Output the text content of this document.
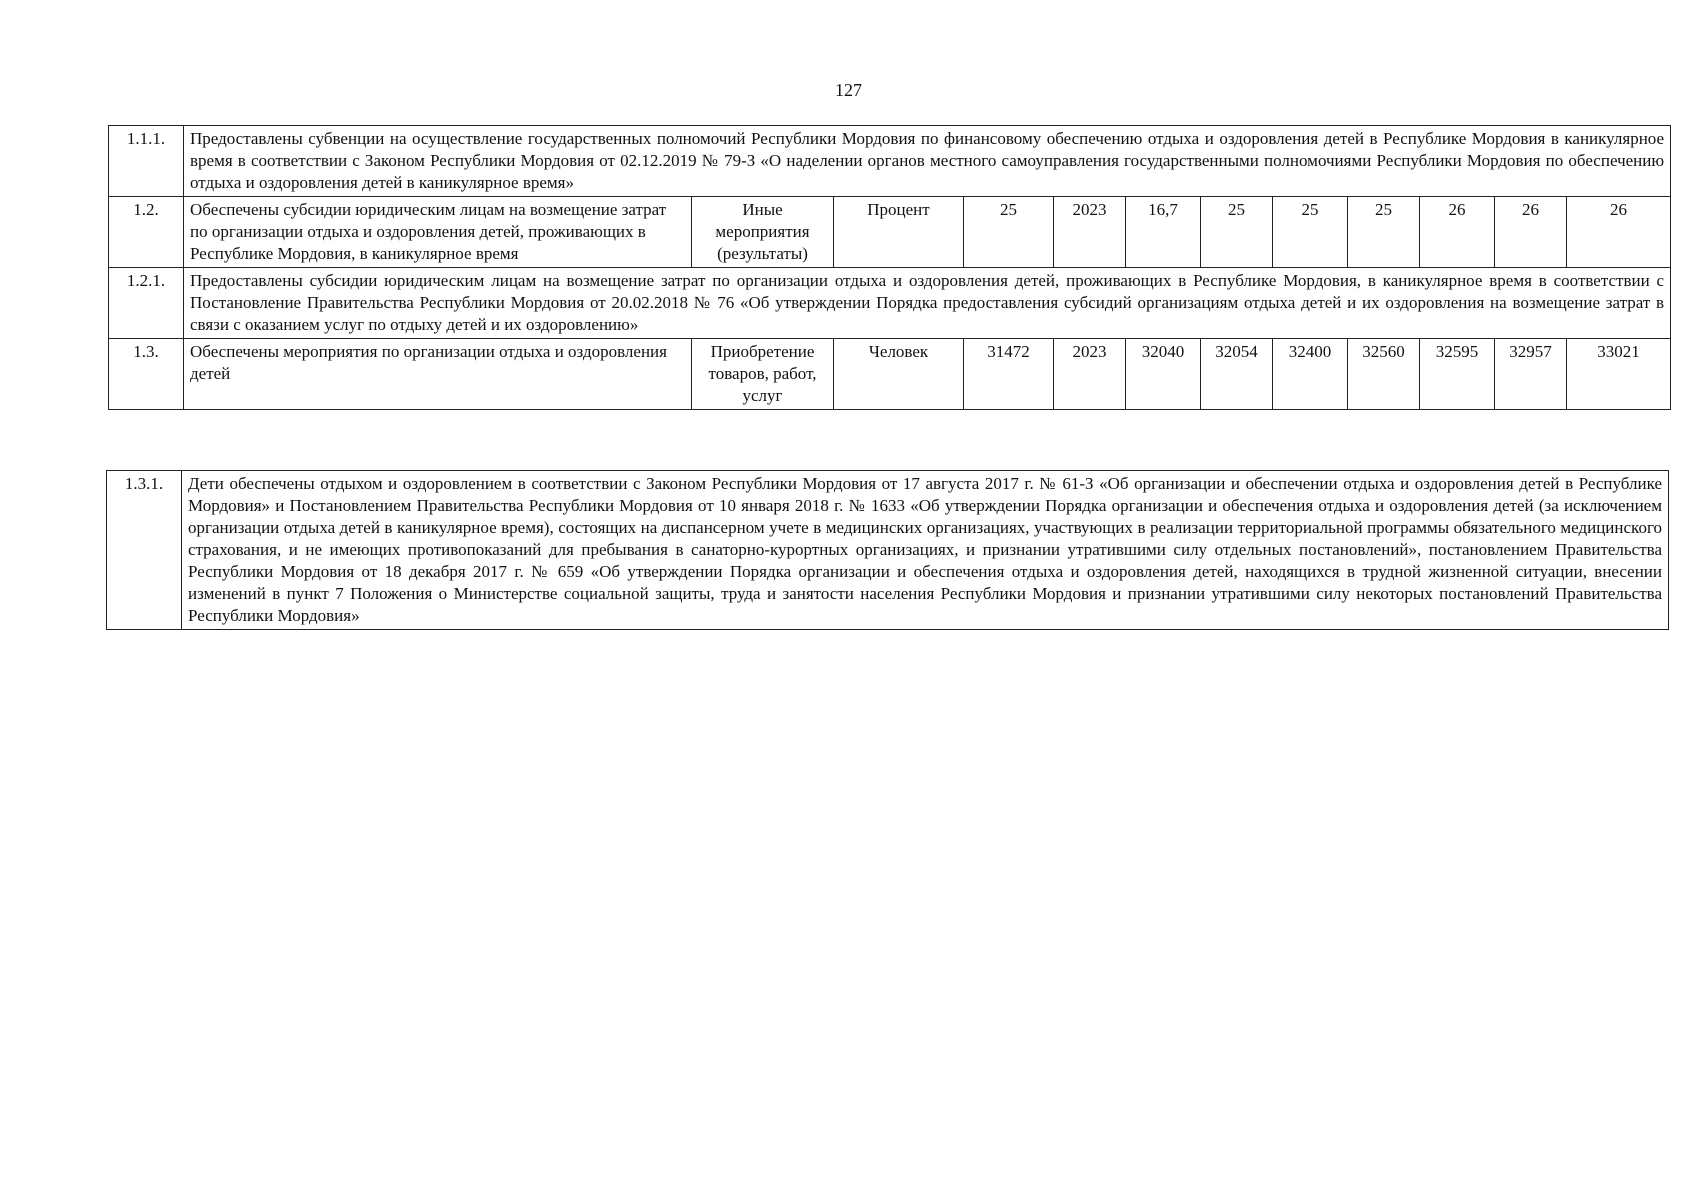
127
1.1.1.	Предоставлены субвенции на осуществление государственных полномочий Республики Мордовия по финансовому обеспечению отдыха и оздоровления детей в Республике Мордовия в каникулярное время в соответствии с Законом Республики Мордовия от 02.12.2019 № 79-З «О наделении органов местного самоуправления государственными полномочиями Республики Мордовия по обеспечению отдыха и оздоровления детей в каникулярное время»											
1.2.	Обеспечены субсидии юридическим лицам на возмещение затрат по организации отдыха и оздоровления детей, проживающих в Республике Мордовия, в каникулярное время	Иные мероприятия (результаты)	Процент	25	2023	16,7	25	25	25	26	26	26
1.2.1.	Предоставлены субсидии юридическим лицам на возмещение затрат по организации отдыха и оздоровления детей, проживающих в Республике Мордовия, в каникулярное время в соответствии с Постановление Правительства Республики Мордовия от 20.02.2018 № 76 «Об утверждении Порядка предоставления субсидий организациям отдыха детей и их оздоровления на возмещение затрат в связи с оказанием услуг по отдыху детей и их оздоровлению»											
1.3.	Обеспечены мероприятия по организации отдыха и оздоровления детей	Приобретение товаров, работ, услуг	Человек	31472	2023	32040	32054	32400	32560	32595	32957	33021
1.3.1.	Дети обеспечены отдыхом и оздоровлением в соответствии с Законом Республики Мордовия от 17 августа 2017 г. № 61-З «Об организации и обеспечении отдыха и оздоровления детей в Республике Мордовия» и Постановлением Правительства Республики Мордовия от 10 января 2018 г. № 1633 «Об утверждении Порядка организации и обеспечения отдыха и оздоровления детей (за исключением организации отдыха детей в каникулярное время), состоящих на диспансерном учете в медицинских организациях, участвующих в реализации территориальной программы обязательного медицинского страхования, и не имеющих противопоказаний для пребывания в санаторно-курортных организациях, и признании утратившими силу отдельных постановлений», постановлением Правительства Республики Мордовия от 18 декабря 2017 г. № 659 «Об утверждении Порядка организации и обеспечения отдыха и оздоровления детей, находящихся в трудной жизненной ситуации, внесении изменений в пункт 7 Положения о Министерстве социальной защиты, труда и занятости населения Республики Мордовия и признании утратившими силу некоторых постановлений Правительства Республики Мордовия»
